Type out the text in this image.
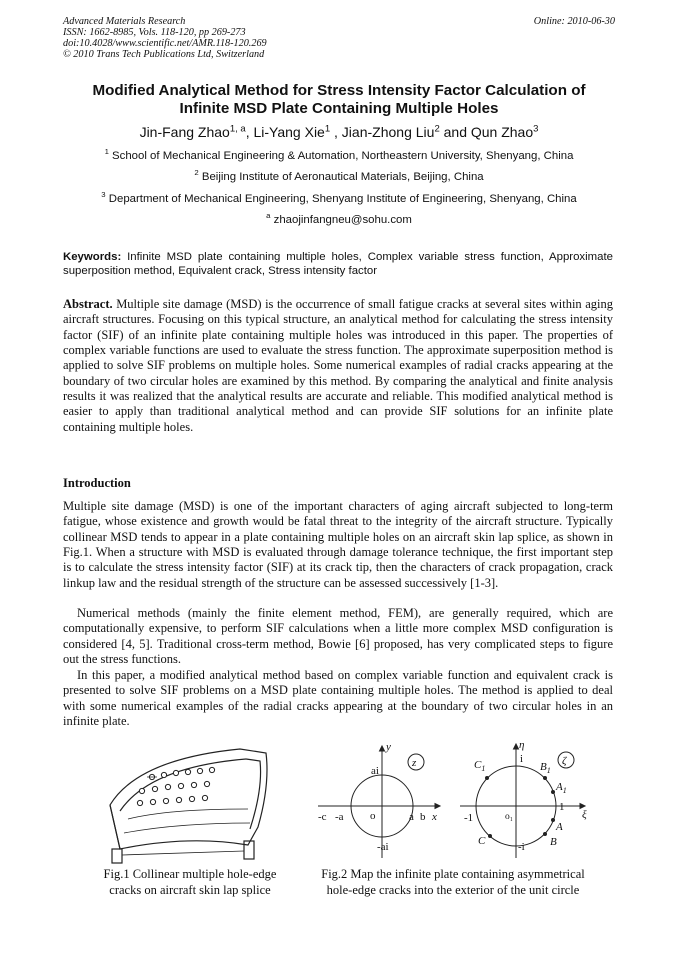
Advanced Materials Research
ISSN: 1662-8985, Vols. 118-120, pp 269-273
doi:10.4028/www.scientific.net/AMR.118-120.269
© 2010 Trans Tech Publications Ltd, Switzerland
Online: 2010-06-30
Modified Analytical Method for Stress Intensity Factor Calculation of
Infinite MSD Plate Containing Multiple Holes
Jin-Fang Zhao$^{1, a}$, Li-Yang Xie$^1$ , Jian-Zhong Liu$^2$ and Qun Zhao$^3$
$^1$ School of Mechanical Engineering & Automation, Northeastern University, Shenyang, China
$^2$ Beijing Institute of Aeronautical Materials, Beijing, China
$^3$ Department of Mechanical Engineering, Shenyang Institute of Engineering, Shenyang, China
$^a$ zhaojinfangneu@sohu.com
Keywords: Infinite MSD plate containing multiple holes, Complex variable stress function, Approximate superposition method, Equivalent crack, Stress intensity factor
Abstract. Multiple site damage (MSD) is the occurrence of small fatigue cracks at several sites within aging aircraft structures. Focusing on this typical structure, an analytical method for calculating the stress intensity factor (SIF) of an infinite plate containing multiple holes was introduced in this paper. The properties of complex variable functions are used to evaluate the stress function. The approximate superposition method is applied to solve SIF problems on multiple holes. Some numerical examples of radial cracks appearing at the boundary of two circular holes are examined by this method. By comparing the analytical and finite analysis results it was realized that the analytical results are accurate and reliable. This modified analytical method is easier to apply than traditional analytical method and can provide SIF solutions for an infinite plate containing multiple holes.
Introduction
Multiple site damage (MSD) is one of the important characters of aging aircraft subjected to long-term fatigue, whose existence and growth would be fatal threat to the integrity of the aircraft structure. Typically collinear MSD tends to appear in a plate containing multiple holes on an aircraft skin lap splice, as shown in Fig.1. When a structure with MSD is evaluated through damage tolerance technique, the first important step is to calculate the stress intensity factor (SIF) at its crack tip, then the characters of crack propagation, crack linkup law and the residual strength of the structure can be assessed successively [1-3].
Numerical methods (mainly the finite element method, FEM), are generally required, which are computationally expensive, to perform SIF calculations when a little more complex MSD configuration is considered [4, 5]. Traditional cross-term method, Bowie [6] proposed, has very complicated steps to figure out the stress functions.
In this paper, a modified analytical method based on complex variable function and equivalent crack is presented to solve SIF problems on a MSD plate containing multiple holes. The method is applied to deal with some numerical examples of the radial cracks appearing at the boundary of two circular holes in an infinite plate.
Fig.1 Collinear multiple hole-edge
cracks on aircraft skin lap splice
y
z
ai
-ai
-c -a o	a b x
η
ζ
i
-i
-1	o₁
1
ξ
$C_1$	$B_1$
$A_1$
A
B
C
Fig.2 Map the infinite plate containing asymmetrical
hole-edge cracks into the exterior of the unit circle
